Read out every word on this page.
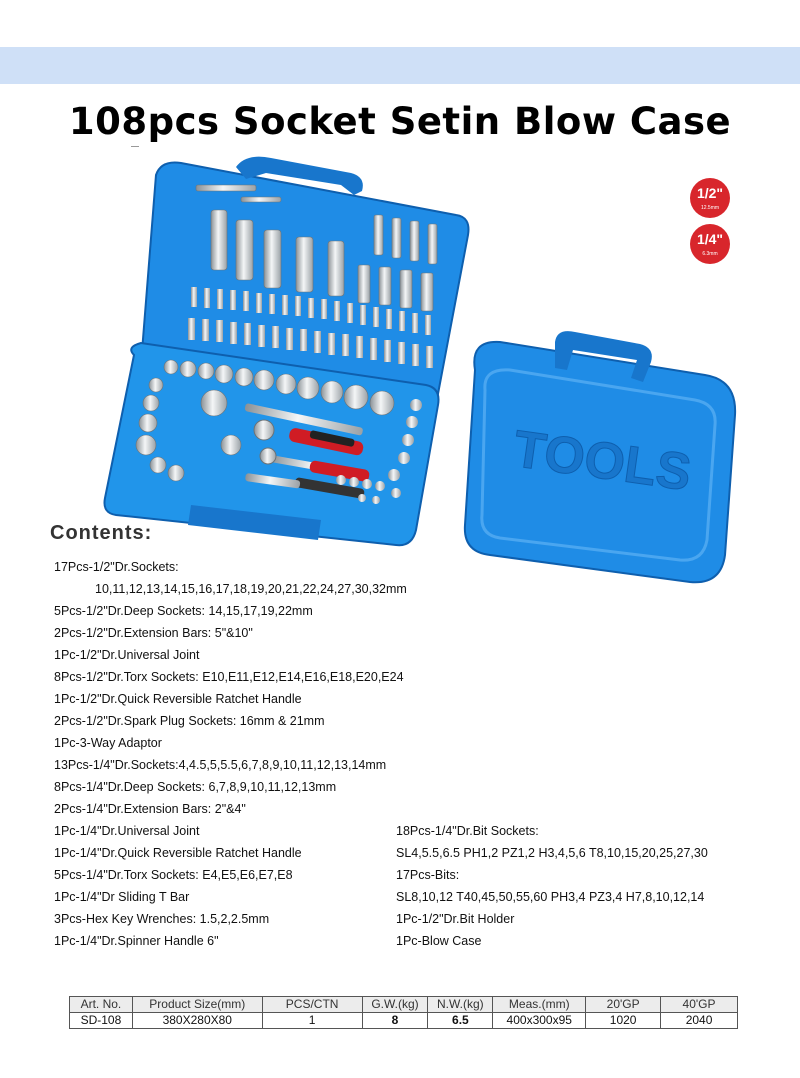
108pcs Socket Setin Blow Case
TOOLS
1/2"
12.5mm
1/4"
6.3mm
Contents:
17Pcs-1/2"Dr.Sockets:
10,11,12,13,14,15,16,17,18,19,20,21,22,24,27,30,32mm
5Pcs-1/2"Dr.Deep Sockets: 14,15,17,19,22mm
2Pcs-1/2"Dr.Extension Bars: 5"&10"
1Pc-1/2"Dr.Universal Joint
8Pcs-1/2"Dr.Torx Sockets: E10,E11,E12,E14,E16,E18,E20,E24
1Pc-1/2"Dr.Quick Reversible Ratchet Handle
2Pcs-1/2"Dr.Spark Plug Sockets: 16mm & 21mm
1Pc-3-Way Adaptor
13Pcs-1/4"Dr.Sockets:4,4.5,5,5.5,6,7,8,9,10,11,12,13,14mm
8Pcs-1/4"Dr.Deep Sockets: 6,7,8,9,10,11,12,13mm
2Pcs-1/4"Dr.Extension Bars: 2"&4"
1Pc-1/4"Dr.Universal Joint
1Pc-1/4"Dr.Quick Reversible Ratchet Handle
5Pcs-1/4"Dr.Torx Sockets: E4,E5,E6,E7,E8
1Pc-1/4"Dr Sliding T Bar
3Pcs-Hex Key Wrenches: 1.5,2,2.5mm
1Pc-1/4"Dr.Spinner Handle 6"
18Pcs-1/4"Dr.Bit Sockets:
SL4,5.5,6.5 PH1,2 PZ1,2 H3,4,5,6 T8,10,15,20,25,27,30
17Pcs-Bits:
SL8,10,12 T40,45,50,55,60 PH3,4 PZ3,4 H7,8,10,12,14
1Pc-1/2"Dr.Bit Holder
1Pc-Blow Case
Art. No.	Product Size(mm)	PCS/CTN	G.W.(kg)	N.W.(kg)	Meas.(mm)	20'GP	40'GP
SD-108	380X280X80	1	8	6.5	400x300x95	1020	2040
